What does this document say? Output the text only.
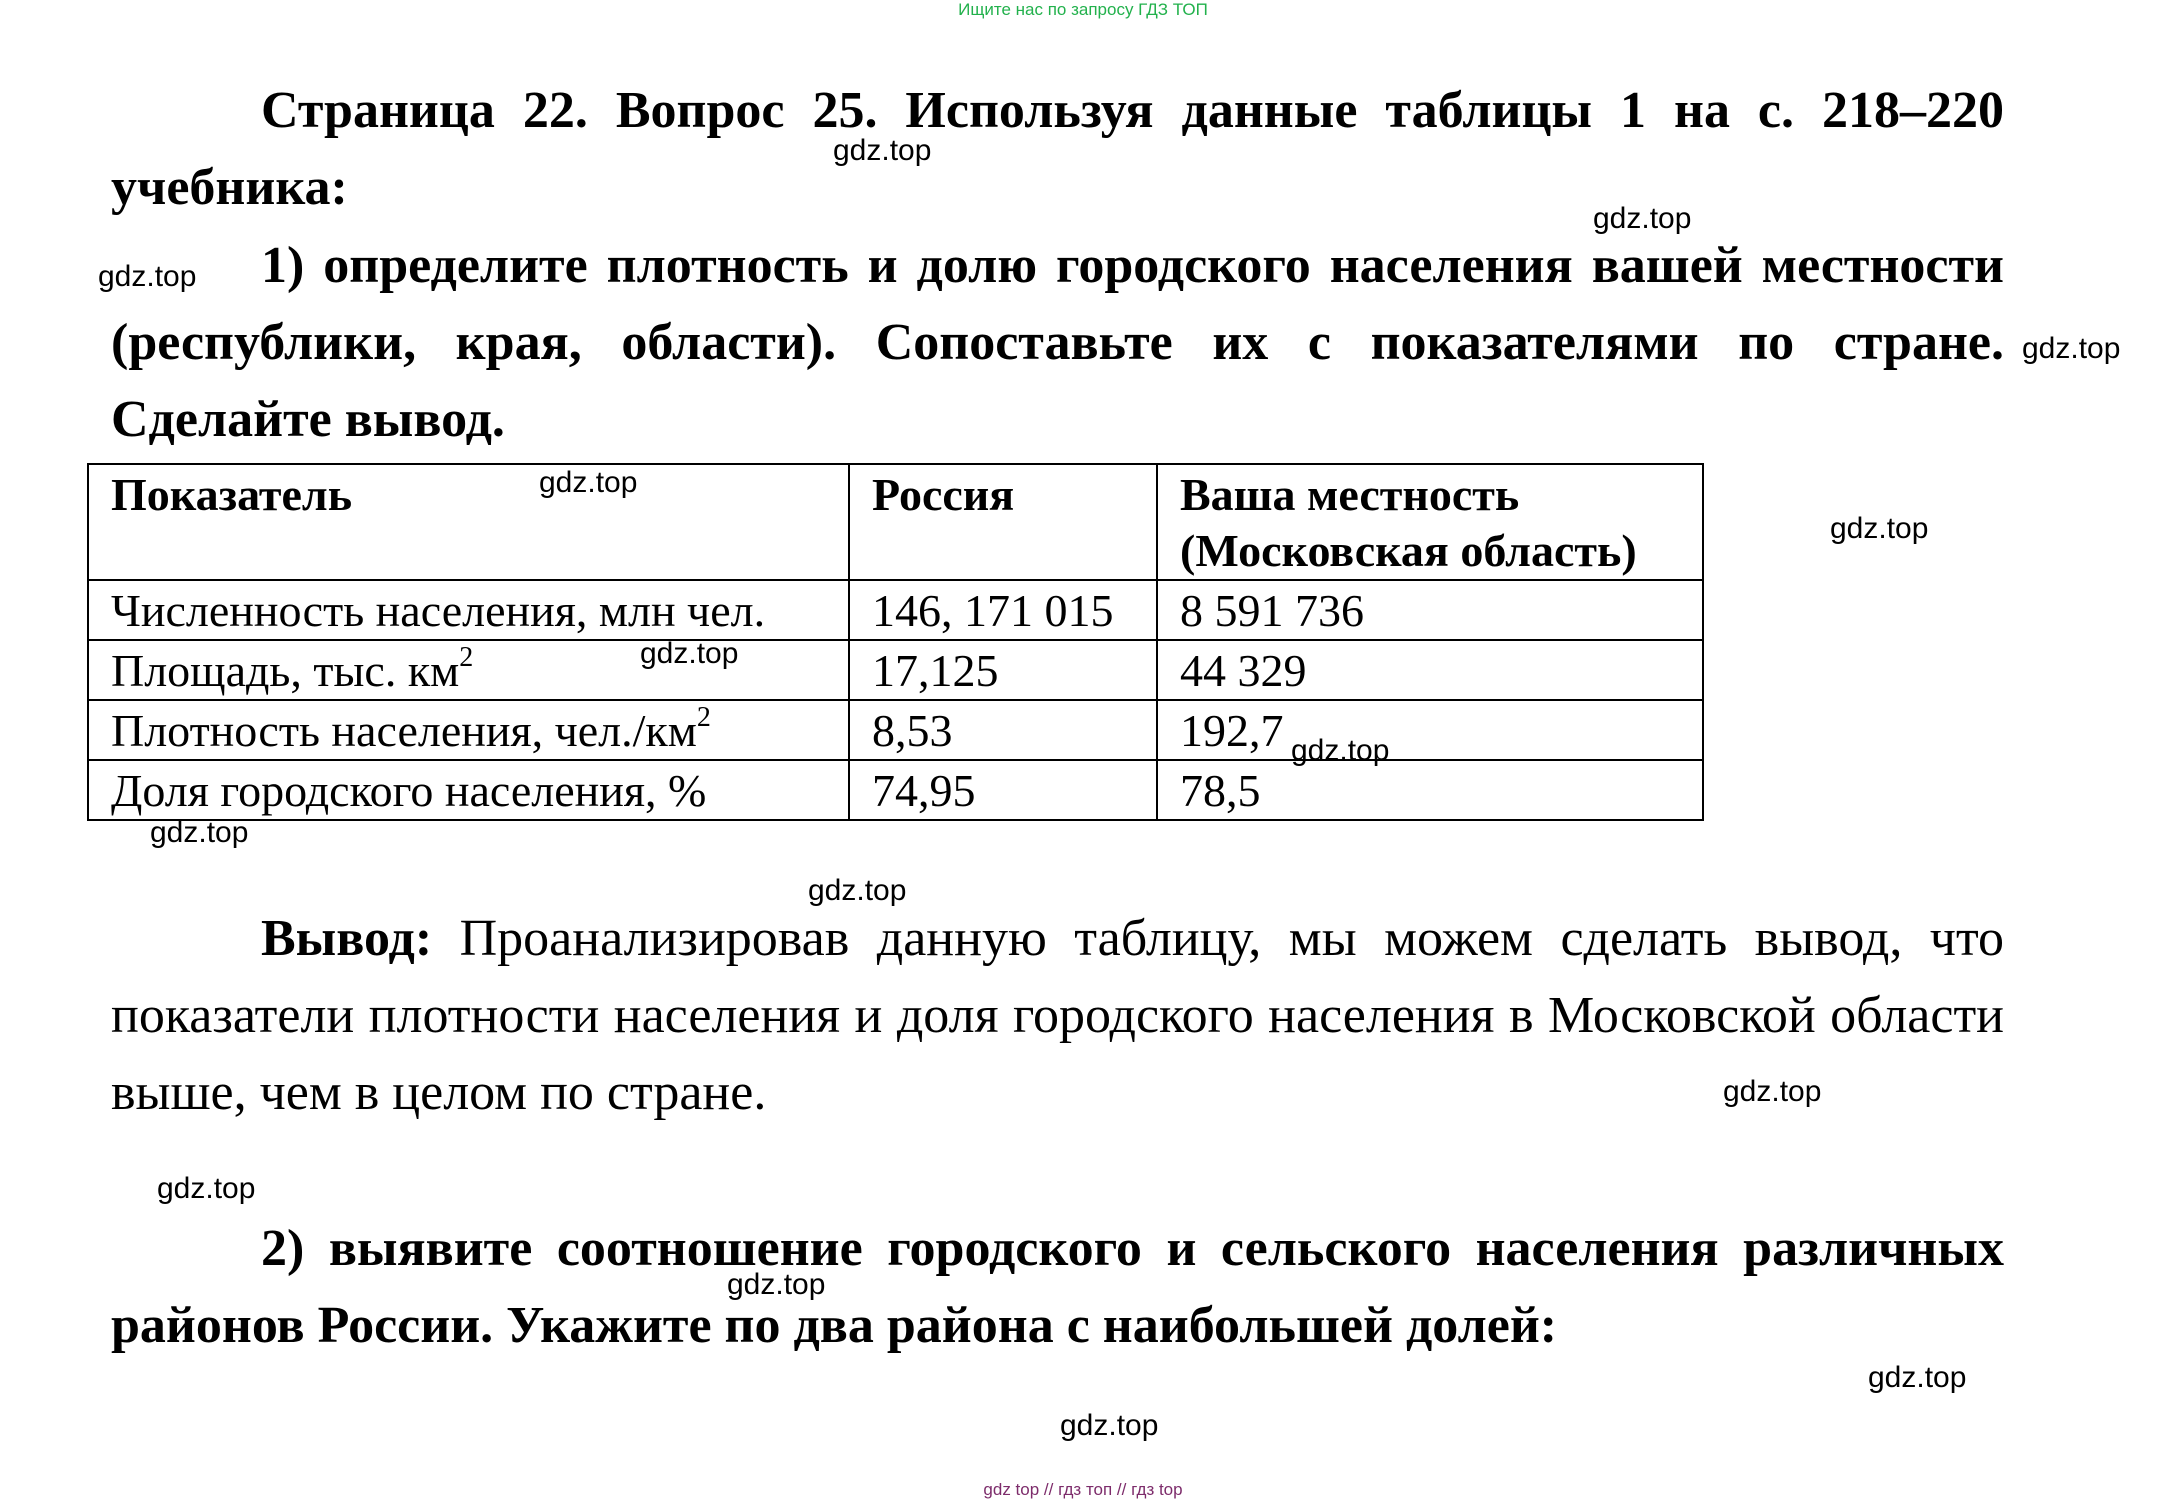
Ищите нас по запросу ГДЗ ТОП
Страница 22. Вопрос 25. Используя данные таблицы 1 на с. 218–220 учебника:
1) определите плотность и долю городского населения вашей местности (республики, края, области). Сопоставьте их с показателями по стране. Сделайте вывод.
Показатель	Россия	Ваша местность (Московская область)
Численность населения, млн чел.	146, 171 015	8 591 736
Площадь, тыс. $км^2$	17,125	44 329
Плотность населения, $чел./км^2$	8,53	192,7
Доля городского населения, %	74,95	78,5
Вывод: Проанализировав данную таблицу, мы можем сделать вывод, что показатели плотности населения и доля городского населения в Московской области выше, чем в целом по стране.
2) выявите соотношение городского и сельского населения различных районов России. Укажите по два района с наибольшей долей:
gdz.top
gdz.top
gdz.top
gdz.top
gdz.top
gdz.top
gdz.top
gdz.top
gdz.top
gdz.top
gdz.top
gdz.top
gdz.top
gdz.top
gdz.top
gdz top // гдз топ // гдз top
